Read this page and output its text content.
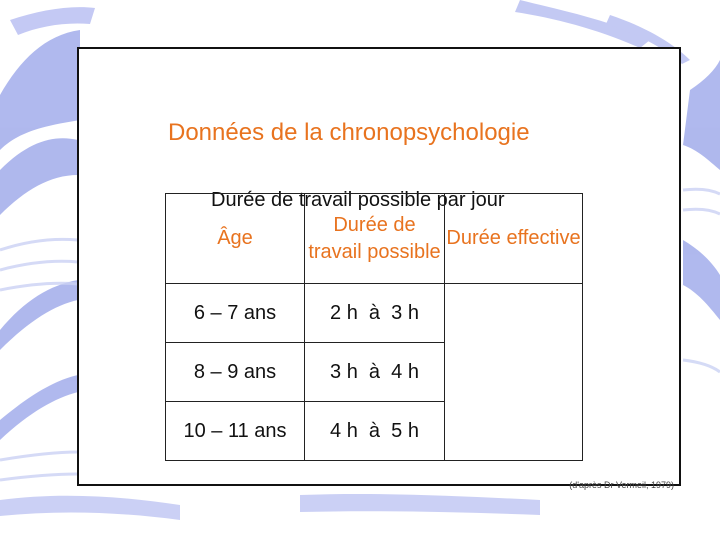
Données de la chronopsychologie
Durée de travail possible par jour
Âge	Durée de travail possible	Durée effective
6 – 7 ans	2 h  à  3 h	
8 – 9 ans	3 h  à  4 h	
10 – 11 ans	4 h  à  5 h	
(d'après Dr Vermeil, 1979)
